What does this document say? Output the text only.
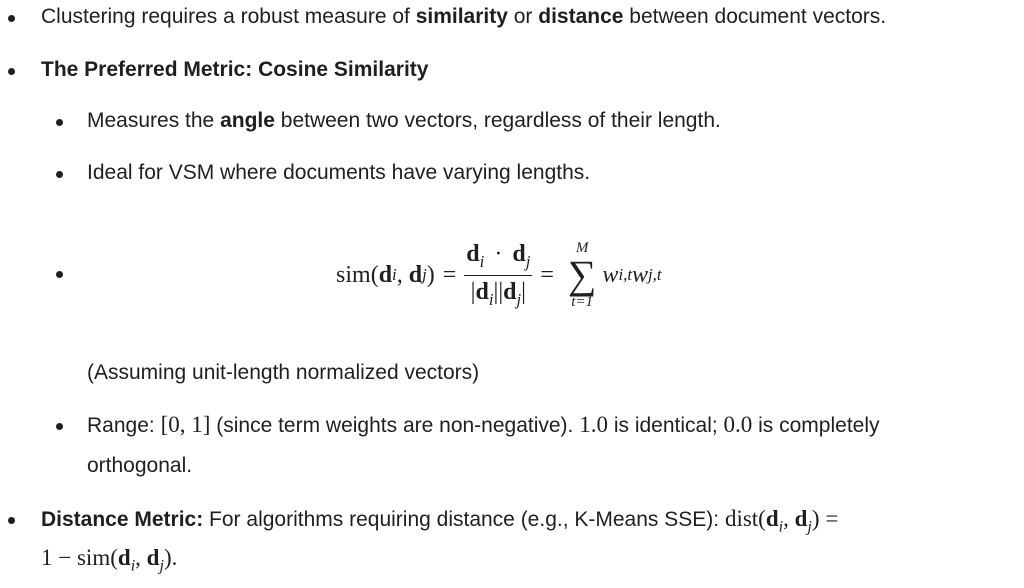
Clustering requires a robust measure of similarity or distance between document vectors.
The Preferred Metric: Cosine Similarity
Measures the angle between two vectors, regardless of their length.
Ideal for VSM where documents have varying lengths.
sim ( d i , d j ) = $\frac{d_i \cdot d_j}{|d_i||d_j|}$ =
M
∑
t=1
w i,t w j,t
(Assuming unit-length normalized vectors)
Range: [0, 1] (since term weights are non-negative). 1.0 is identical; 0.0 is completely
orthogonal.
Distance Metric: For algorithms requiring distance (e.g., K-Means SSE): $dist(d_i$, $d_j$) =
$1 - sim(d_i$, $d_j$).
